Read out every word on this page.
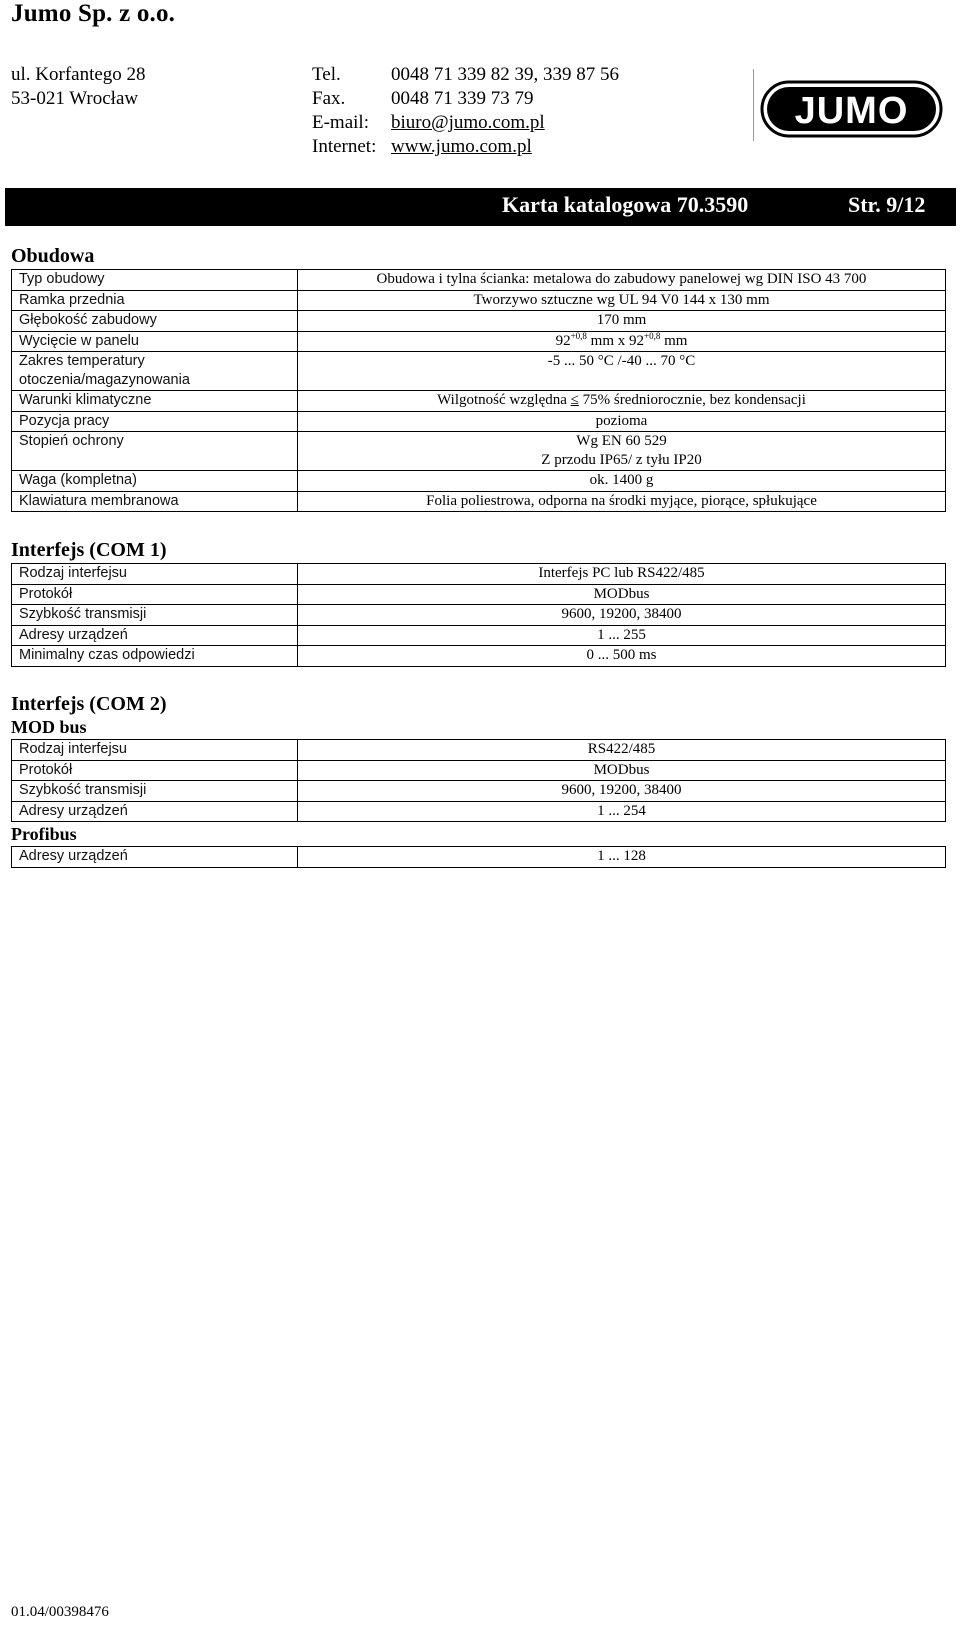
Jumo Sp. z o.o.
ul. Korfantego 28
53-021 Wrocław
Tel.	0048 71 339 82 39, 339 87 56
Fax. 0048 71 339 73 79
E-mail: biuro@jumo.com.pl
Internet: www.jumo.com.pl
JUMO
Karta katalogowa 70.3590	Str. 9/12
Obudowa
Typ obudowy	Obudowa i tylna ścianka: metalowa do zabudowy panelowej wg DIN ISO 43 700
Ramka przednia	Tworzywo sztuczne wg UL 94 V0 144 x 130 mm
Głębokość zabudowy	170 mm
Wycięcie w panelu	$92^{+0,8}$ mm x $92^{+0,8}$ mm

Zakres temperatury
otoczenia/magazynowania	-5 ... 50 °C /-40 ... 70 °C
Warunki klimatyczne	Wilgotność względna ≤ 75% średniorocznie, bez kondensacji
Pozycja pracy	pozioma
Stopień ochrony	Wg EN 60 529
Z przodu IP65/ z tyłu IP20

Waga (kompletna)	ok. 1400 g
Klawiatura membranowa	Folia poliestrowa, odporna na środki myjące, piorące, spłukujące
Interfejs (COM 1)
Rodzaj interfejsu	Interfejs PC lub RS422/485
Protokół	MODbus
Szybkość transmisji	9600, 19200, 38400
Adresy urządzeń	1 ... 255
Minimalny czas odpowiedzi	0 ... 500 ms
Interfejs (COM 2)
MOD bus
Rodzaj interfejsu	RS422/485
Protokół	MODbus
Szybkość transmisji	9600, 19200, 38400
Adresy urządzeń	1 ... 254
Profibus
Adresy urządzeń	1 ... 128
01.04/00398476
